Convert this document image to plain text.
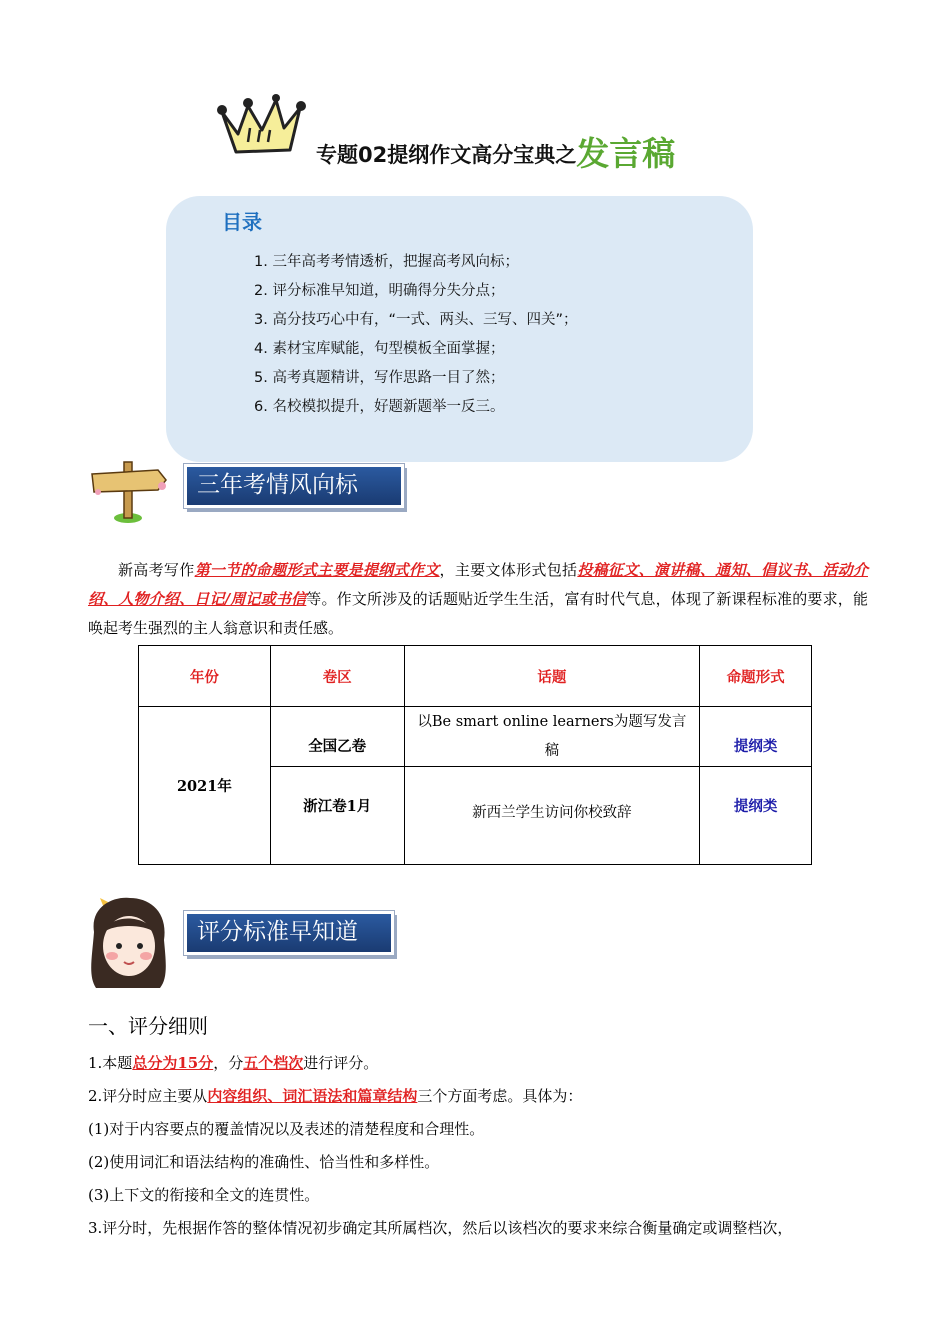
专题02提纲作文高分宝典之发言稿
目录
1. 三年高考考情透析，把握高考风向标；
2. 评分标准早知道，明确得分失分点；
3. 高分技巧心中有，“一式、两头、三写、四关”；
4. 素材宝库赋能，句型模板全面掌握；
5. 高考真题精讲，写作思路一目了然；
6. 名校模拟提升，好题新题举一反三。
三年考情风向标

新高考写作第一节的命题形式主要是提纲式作文，主要文体形式包括投稿征文、演讲稿、通知、倡议书、活动介绍、人物介绍、日记/周记或书信等。作文所涉及的话题贴近学生生活，富有时代气息，体现了新课程标准的要求，能唤起考生强烈的主人翁意识和责任感。

年份	卷区	话题	命题形式
2021年	全国乙卷	以Be smart online learners为题写发言稿	提纲类
	浙江卷1月	新西兰学生访问你校致辞	提纲类
评分标准早知道
一、评分细则
1.本题总分为15分，分五个档次进行评分。
2.评分时应主要从内容组织、词汇语法和篇章结构三个方面考虑。具体为：
(1)对于内容要点的覆盖情况以及表述的清楚程度和合理性。
(2)使用词汇和语法结构的准确性、恰当性和多样性。
(3)上下文的衔接和全文的连贯性。
3.评分时，先根据作答的整体情况初步确定其所属档次，然后以该档次的要求来综合衡量确定或调整档次，
